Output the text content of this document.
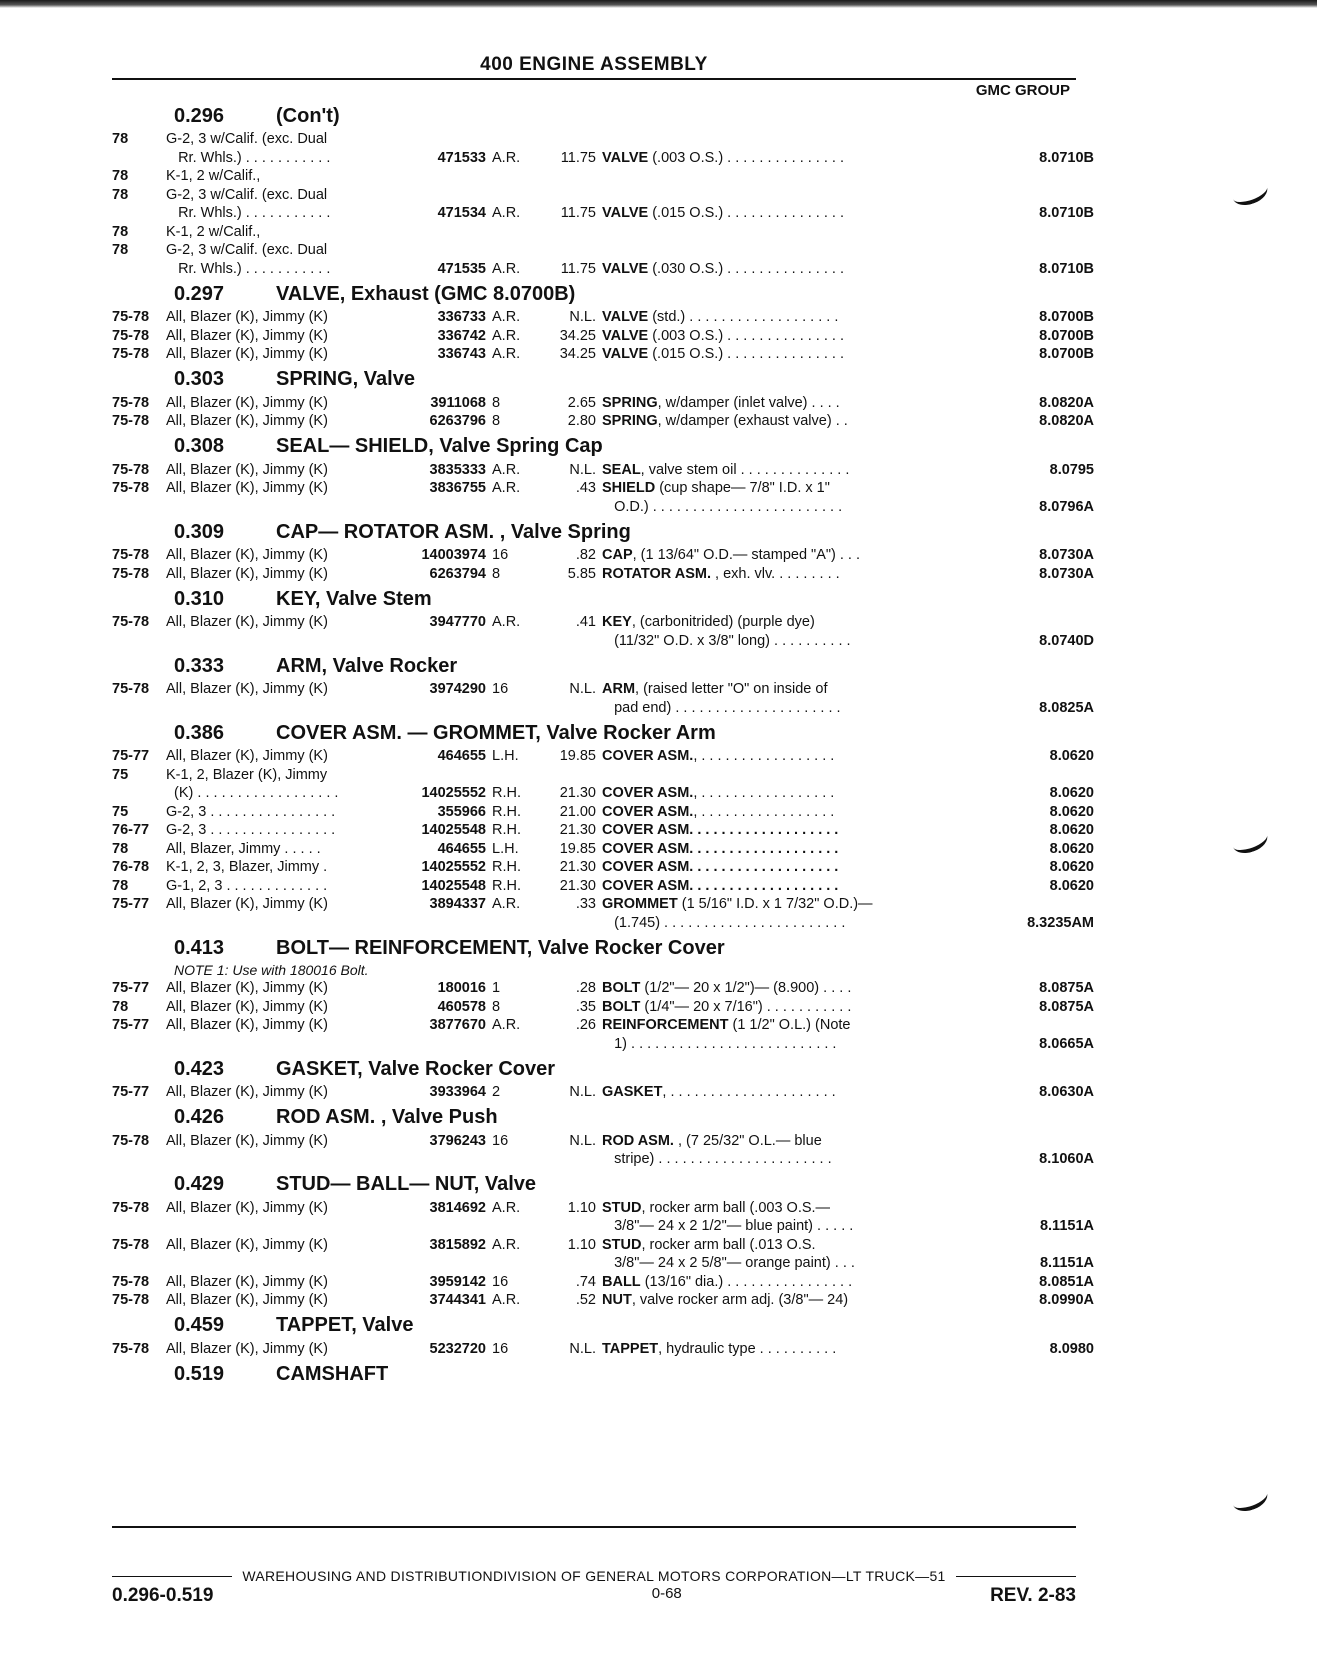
400 ENGINE ASSEMBLY
GMC GROUP
0.296	(Con't)
78	G-2, 3 w/Calif. (exc. Dual
Rr. Whls.) . . . . . . . . . . .	471533 A.R.	11.75 VALVE (.003 O.S.) . . . . . . . . . . . . . . .	8.0710B
78	K-1, 2 w/Calif.,
78	G-2, 3 w/Calif. (exc. Dual
Rr. Whls.) . . . . . . . . . . .	471534 A.R.	11.75 VALVE (.015 O.S.) . . . . . . . . . . . . . . .	8.0710B
78	K-1, 2 w/Calif.,
78	G-2, 3 w/Calif. (exc. Dual
Rr. Whls.) . . . . . . . . . . .	471535 A.R.	11.75 VALVE (.030 O.S.) . . . . . . . . . . . . . . .	8.0710B
0.297	VALVE, Exhaust (GMC 8.0700B)
75-78	All, Blazer (K), Jimmy (K)	336733 A.R.	N.L. VALVE (std.) . . . . . . . . . . . . . . . . . . .	8.0700B
75-78	All, Blazer (K), Jimmy (K)	336742 A.R.	34.25 VALVE (.003 O.S.) . . . . . . . . . . . . . . .	8.0700B
75-78	All, Blazer (K), Jimmy (K)	336743 A.R.	34.25 VALVE (.015 O.S.) . . . . . . . . . . . . . . .	8.0700B
0.303	SPRING, Valve
75-78	All, Blazer (K), Jimmy (K)	3911068 8	2.65 SPRING, w/damper (inlet valve) . . . .	8.0820A
75-78	All, Blazer (K), Jimmy (K)	6263796 8	2.80 SPRING, w/damper (exhaust valve) . .	8.0820A
0.308	SEAL— SHIELD, Valve Spring Cap
75-78	All, Blazer (K), Jimmy (K)	3835333 A.R.	N.L. SEAL, valve stem oil . . . . . . . . . . . . . .	8.0795
75-78	All, Blazer (K), Jimmy (K)	3836755 A.R.	.43 SHIELD (cup shape— 7/8" I.D. x 1"
O.D.) . . . . . . . . . . . . . . . . . . . . . . . .	8.0796A
0.309	CAP— ROTATOR ASM. , Valve Spring
75-78	All, Blazer (K), Jimmy (K)	14003974 16	.82 CAP, (1 13/64" O.D.— stamped "A") . . .	8.0730A
75-78	All, Blazer (K), Jimmy (K)	6263794 8	5.85 ROTATOR ASM. , exh. vlv. . . . . . . . .	8.0730A
0.310	KEY, Valve Stem
75-78	All, Blazer (K), Jimmy (K)	3947770 A.R.	.41 KEY, (carbonitrided) (purple dye)
(11/32" O.D. x 3/8" long) . . . . . . . . . .	8.0740D
0.333	ARM, Valve Rocker
75-78	All, Blazer (K), Jimmy (K)	3974290 16	N.L. ARM, (raised letter "O" on inside of
pad end) . . . . . . . . . . . . . . . . . . . . .	8.0825A
0.386	COVER ASM. — GROMMET, Valve Rocker Arm
75-77	All, Blazer (K), Jimmy (K)	464655 L.H.	19.85 COVER ASM., . . . . . . . . . . . . . . . . .	8.0620
75	K-1, 2, Blazer (K), Jimmy
(K) . . . . . . . . . . . . . . . . . .	14025552 R.H.	21.30 COVER ASM., . . . . . . . . . . . . . . . . .	8.0620
75	G-2, 3 . . . . . . . . . . . . . . . .	355966 R.H.	21.00 COVER ASM., . . . . . . . . . . . . . . . . .	8.0620
76-77	G-2, 3 . . . . . . . . . . . . . . . .	14025548 R.H.	21.30 COVER ASM. . . . . . . . . . . . . . . . . . .	8.0620
78	All, Blazer, Jimmy . . . . .	464655 L.H.	19.85 COVER ASM. . . . . . . . . . . . . . . . . . .	8.0620
76-78	K-1, 2, 3, Blazer, Jimmy .	14025552 R.H.	21.30 COVER ASM. . . . . . . . . . . . . . . . . . .	8.0620
78	G-1, 2, 3 . . . . . . . . . . . . .	14025548 R.H.	21.30 COVER ASM. . . . . . . . . . . . . . . . . . .	8.0620
75-77	All, Blazer (K), Jimmy (K)	3894337 A.R.	.33 GROMMET (1 5/16" I.D. x 1 7/32" O.D.)—
(1.745) . . . . . . . . . . . . . . . . . . . . . . .	8.3235AM
0.413	BOLT— REINFORCEMENT, Valve Rocker Cover
NOTE 1: Use with 180016 Bolt.
75-77	All, Blazer (K), Jimmy (K)	180016 1	.28 BOLT (1/2"— 20 x 1/2")— (8.900) . . . .	8.0875A
78	All, Blazer (K), Jimmy (K)	460578 8	.35 BOLT (1/4"— 20 x 7/16") . . . . . . . . . . .	8.0875A
75-77	All, Blazer (K), Jimmy (K)	3877670 A.R.	.26 REINFORCEMENT (1 1/2" O.L.) (Note
1) . . . . . . . . . . . . . . . . . . . . . . . . . .	8.0665A
0.423	GASKET, Valve Rocker Cover
75-77	All, Blazer (K), Jimmy (K)	3933964 2	N.L. GASKET, . . . . . . . . . . . . . . . . . . . . .	8.0630A
0.426	ROD ASM. , Valve Push
75-78	All, Blazer (K), Jimmy (K)	3796243 16	N.L. ROD ASM. , (7 25/32" O.L.— blue
stripe) . . . . . . . . . . . . . . . . . . . . . .	8.1060A
0.429	STUD— BALL— NUT, Valve
75-78	All, Blazer (K), Jimmy (K)	3814692 A.R.	1.10 STUD, rocker arm ball (.003 O.S.—
3/8"— 24 x 2 1/2"— blue paint) . . . . .	8.1151A
75-78	All, Blazer (K), Jimmy (K)	3815892 A.R.	1.10 STUD, rocker arm ball (.013 O.S.
3/8"— 24 x 2 5/8"— orange paint) . . .	8.1151A
75-78	All, Blazer (K), Jimmy (K)	3959142 16	.74 BALL (13/16" dia.) . . . . . . . . . . . . . . . .	8.0851A
75-78	All, Blazer (K), Jimmy (K)	3744341 A.R.	.52 NUT, valve rocker arm adj. (3/8"— 24)	8.0990A
0.459	TAPPET, Valve
75-78	All, Blazer (K), Jimmy (K)	5232720 16	N.L. TAPPET, hydraulic type . . . . . . . . . .	8.0980
0.519	CAMSHAFT
WAREHOUSING AND DISTRIBUTIONDIVISION OF GENERAL MOTORS CORPORATION—LT TRUCK—51
0.296-0.519	0-68	REV. 2-83
